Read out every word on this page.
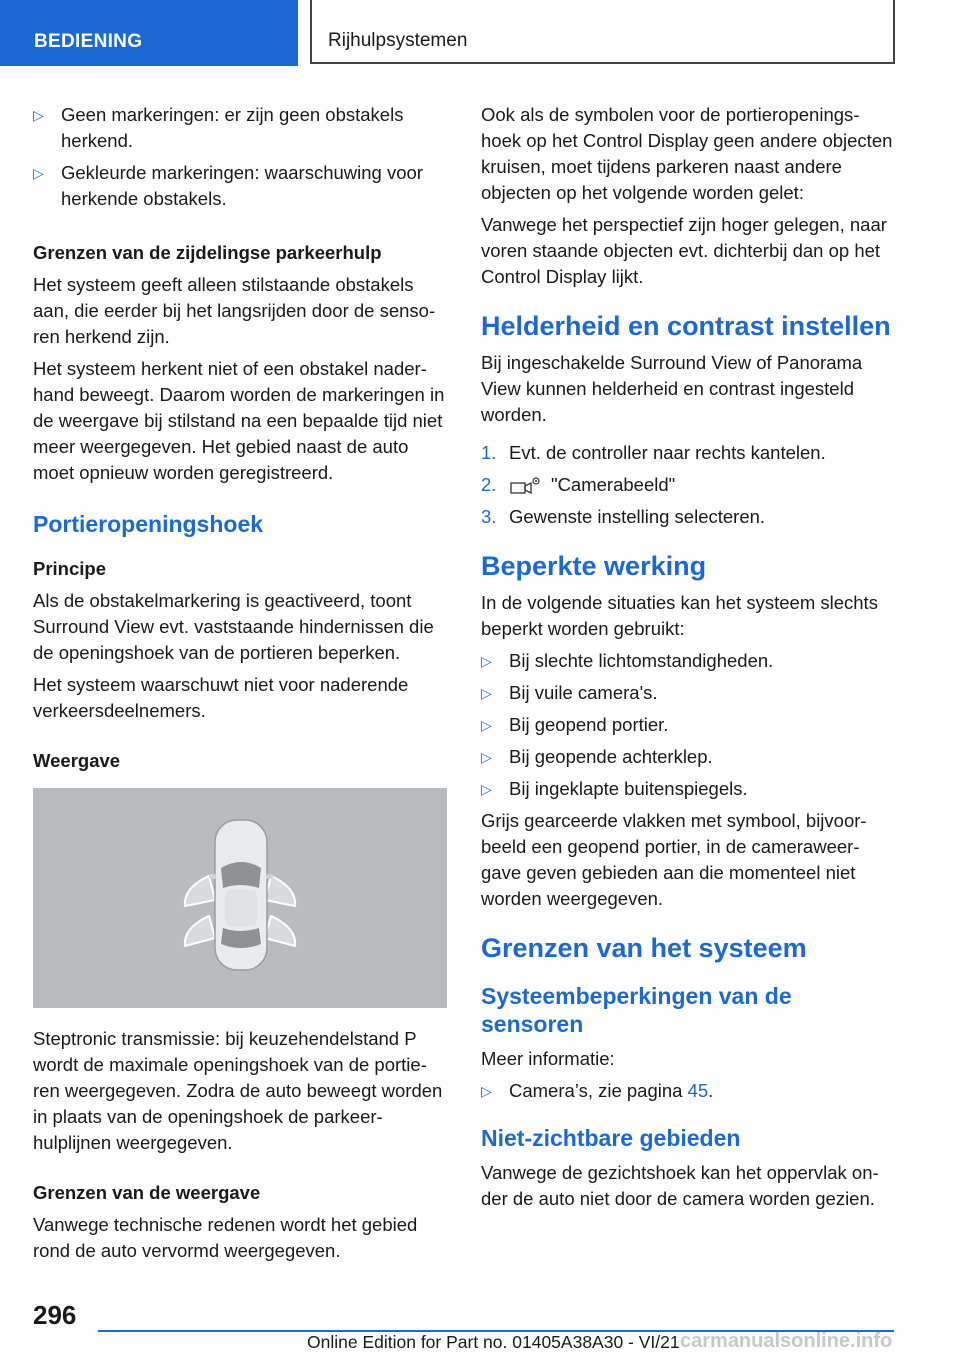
BEDIENING	Rijhulpsystemen
▷ Geen markeringen: er zijn geen obstakels herkend.
▷ Gekleurde markeringen: waarschuwing voor herkende obstakels.
Grenzen van de zijdelingse parkeerhulp

Het systeem geeft alleen stilstaande obstakels aan, die eerder bij het langsrijden door de sensoren herkend zijn.

Het systeem herkent niet of een obstakel naderhand beweegt. Daarom worden de markeringen in de weergave bij stilstand na een bepaalde tijd niet meer weergegeven. Het gebied naast de auto moet opnieuw worden geregistreerd.

Portieropeningshoek
Principe

Als de obstakelmarkering is geactiveerd, toont Surround View evt. vaststaande hindernissen die de openingshoek van de portieren beperken.

Het systeem waarschuwt niet voor naderende verkeersdeelnemers.

Weergave

Steptronic transmissie: bij keuzehendelstand P wordt de maximale openingshoek van de portieren weergegeven. Zodra de auto beweegt worden in plaats van de openingshoek de parkeerhulplijnen weergegeven.

Grenzen van de weergave

Vanwege technische redenen wordt het gebied rond de auto vervormd weergegeven.

Ook als de symbolen voor de portieropeningshoek op het Control Display geen andere objecten kruisen, moet tijdens parkeren naast andere objecten op het volgende worden gelet:

Vanwege het perspectief zijn hoger gelegen, naar voren staande objecten evt. dichterbij dan op het Control Display lijkt.

Helderheid en contrast instellen

Bij ingeschakelde Surround View of Panorama View kunnen helderheid en contrast ingesteld worden.

1. Evt. de controller naar rechts kantelen.
2.	"Camerabeeld"
3. Gewenste instelling selecteren.
Beperkte werking

In de volgende situaties kan het systeem slechts beperkt worden gebruikt:

▷ Bij slechte lichtomstandigheden.
▷ Bij vuile camera's.
▷ Bij geopend portier.
▷ Bij geopende achterklep.
▷ Bij ingeklapte buitenspiegels.

Grijs gearceerde vlakken met symbool, bijvoorbeeld een geopend portier, in de cameraweergave geven gebieden aan die momenteel niet worden weergegeven.

Grenzen van het systeem
Systeembeperkingen van de sensoren

Meer informatie:

▷ Camera’s, zie pagina 45.
Niet-zichtbare gebieden

Vanwege de gezichtshoek kan het oppervlak onder de auto niet door de camera worden gezien.

296
Online Edition for Part no. 01405A38A30 - VI/21 carmanualsonline.info
